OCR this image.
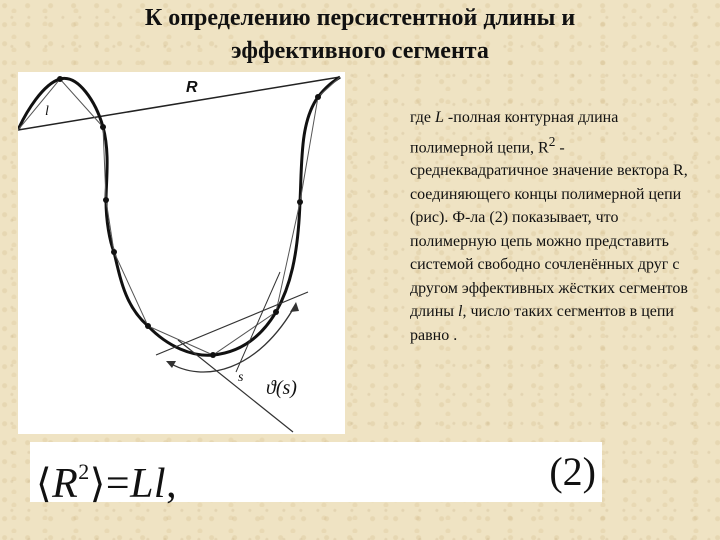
К определению персистентной длины и
эффективного сегмента
R
l
s ϑ(s)

где L -полная контурная длина полимерной цепи, $R^2$ - среднеквадратичное значение вектора R, соединяющего концы полимерной цепи (рис). Ф-ла (2) показывает, что полимерную цепь можно представить системой свободно сочленённых друг с другом эффективных жёстких сегментов длины l, число таких сегментов в цепи равно .

$⟨R^2⟩=Ll$,	(2)
